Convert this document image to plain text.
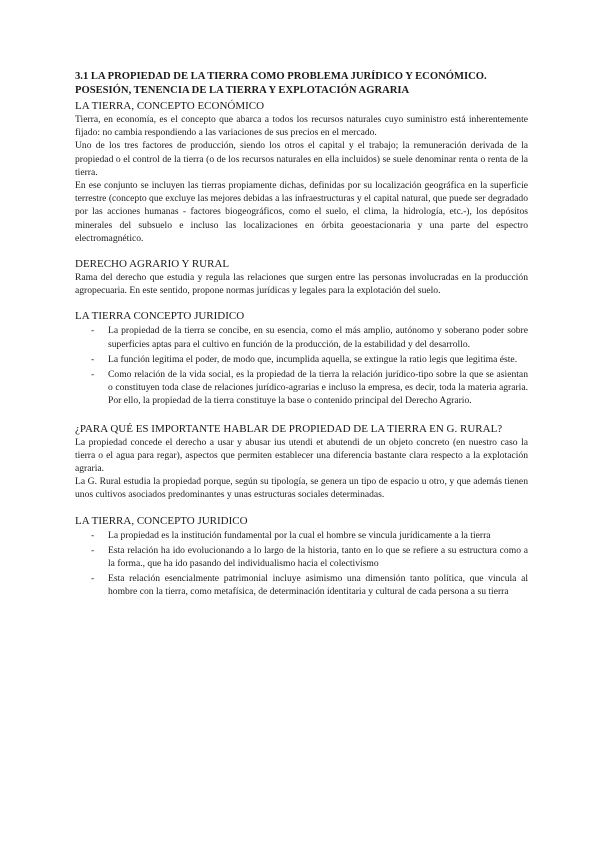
3.1 LA PROPIEDAD DE LA TIERRA COMO PROBLEMA JURÍDICO Y ECONÓMICO.
POSESIÓN, TENENCIA DE LA TIERRA Y EXPLOTACIÓN AGRARIA
LA TIERRA, CONCEPTO ECONÓMICO

Tierra, en economía, es el concepto que abarca a todos los recursos naturales cuyo suministro está inherentemente fijado: no cambia respondiendo a las variaciones de sus precios en el mercado.

Uno de los tres factores de producción, siendo los otros el capital y el trabajo; la remuneración derivada de la propiedad o el control de la tierra (o de los recursos naturales en ella incluidos) se suele denominar renta o renta de la tierra.

En ese conjunto se incluyen las tierras propiamente dichas, definidas por su localización geográfica en la superficie terrestre (concepto que excluye las mejores debidas a las infraestructuras y el capital natural, que puede ser degradado por las acciones humanas - factores biogeográficos, como el suelo, el clima, la hidrología, etc.-), los depósitos minerales del subsuelo e incluso las localizaciones en órbita geoestacionaria y una parte del espectro electromagnético.

DERECHO AGRARIO Y RURAL

Rama del derecho que estudia y regula las relaciones que surgen entre las personas involucradas en la producción agropecuaria. En este sentido, propone normas jurídicas y legales para la explotación del suelo.

LA TIERRA CONCEPTO JURIDICO
- La propiedad de la tierra se concibe, en su esencia, como el más amplio, autónomo y soberano poder sobre superficies aptas para el cultivo en función de la producción, de la estabilidad y del desarrollo.
- La función legitima el poder, de modo que, incumplida aquella, se extingue la ratio legis que legitima éste.
- Como relación de la vida social, es la propiedad de la tierra la relación jurídico-tipo sobre la que se asientan o constituyen toda clase de relaciones jurídico-agrarias e incluso la empresa, es decir, toda la materia agraria. Por ello, la propiedad de la tierra constituye la base o contenido principal del Derecho Agrario.
¿PARA QUÉ ES IMPORTANTE HABLAR DE PROPIEDAD DE LA TIERRA EN G. RURAL?

La propiedad concede el derecho a usar y abusar ius utendi et abutendi de un objeto concreto (en nuestro caso la tierra o el agua para regar), aspectos que permiten establecer una diferencia bastante clara respecto a la explotación agraria.

La G. Rural estudia la propiedad porque, según su tipología, se genera un tipo de espacio u otro, y que además tienen unos cultivos asociados predominantes y unas estructuras sociales determinadas.

LA TIERRA, CONCEPTO JURIDICO
- La propiedad es la institución fundamental por la cual el hombre se vincula jurídicamente a la tierra
- Esta relación ha ido evolucionando a lo largo de la historia, tanto en lo que se refiere a su estructura como a la forma., que ha ido pasando del individualismo hacia el colectivismo
- Esta relación esencialmente patrimonial incluye asimismo una dimensión tanto política, que vincula al hombre con la tierra, como metafísica, de determinación identitaria y cultural de cada persona a su tierra
